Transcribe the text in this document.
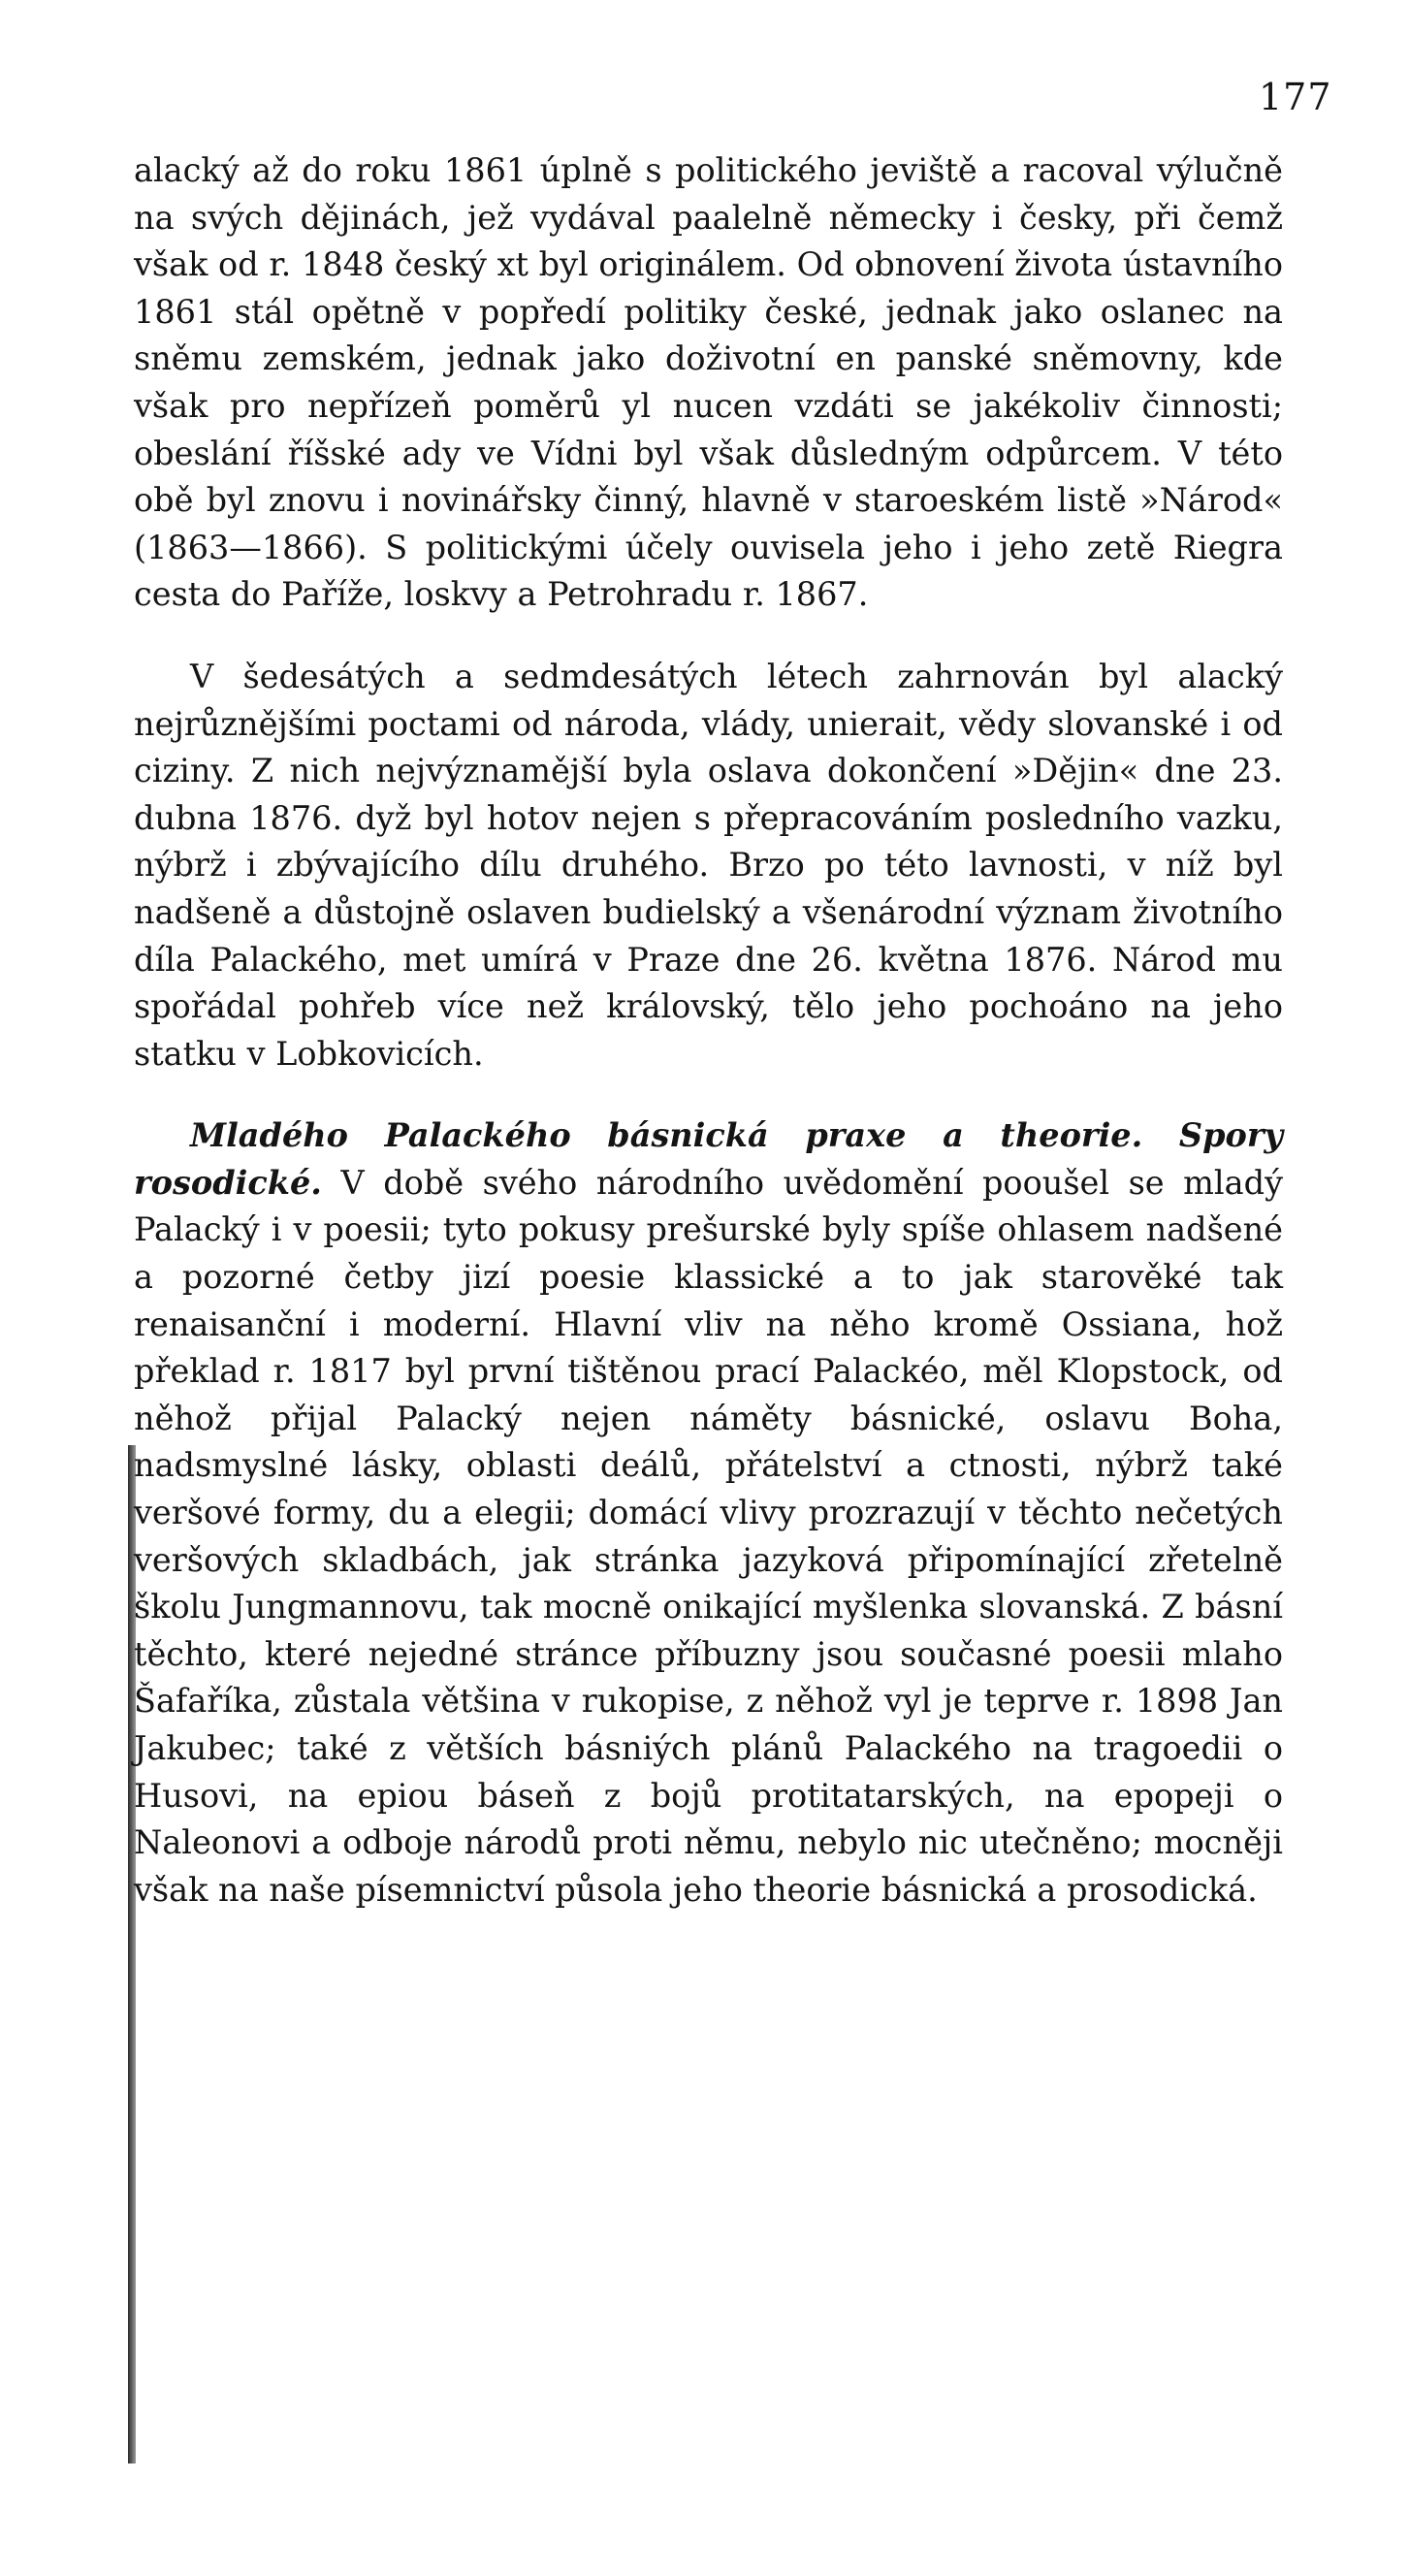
177

alacký až do roku 1861 úplně s politického jeviště a racoval výlučně na svých dějinách, jež vydával paalelně německy i česky, při čemž však od r. 1848 český xt byl originálem. Od obnovení života ústavního 1861 stál opětně v popředí politiky české, jednak jako oslanec na sněmu zemském, jednak jako doživotní en panské sněmovny, kde však pro nepřízeň poměrů yl nucen vzdáti se jakékoliv činnosti; obeslání říšské ady ve Vídni byl však důsledným odpůrcem. V této obě byl znovu i novinářsky činný, hlavně v staroeském listě »Národ« (1863—1866). S politickými účely ouvisela jeho i jeho zetě Riegra cesta do Paříže, loskvy a Petrohradu r. 1867.

V šedesátých a sedmdesátých létech zahrnován byl alacký nejrůznějšími poctami od národa, vlády, unierait, vědy slovanské i od ciziny. Z nich nejvýznamější byla oslava dokončení »Dějin« dne 23. dubna 1876. dyž byl hotov nejen s přepracováním posledního vazku, nýbrž i zbývajícího dílu druhého. Brzo po této lavnosti, v níž byl nadšeně a důstojně oslaven budielský a všenárodní význam životního díla Palackého, met umírá v Praze dne 26. května 1876. Národ mu spořádal pohřeb více než královský, tělo jeho pochoáno na jeho statku v Lobkovicích.

Mladého Palackého básnická praxe a theorie. Spory rosodické. V době svého národního uvědomění pooušel se mladý Palacký i v poesii; tyto pokusy prešurské byly spíše ohlasem nadšené a pozorné četby jizí poesie klassické a to jak starověké tak renaisanční i moderní. Hlavní vliv na něho kromě Ossiana, hož překlad r. 1817 byl první tištěnou prací Palackéo, měl Klopstock, od něhož přijal Palacký nejen náměty básnické, oslavu Boha, nadsmyslné lásky, oblasti deálů, přátelství a ctnosti, nýbrž také veršové formy, du a elegii; domácí vlivy prozrazují v těchto nečetých veršových skladbách, jak stránka jazyková připomínající zřetelně školu Jungmannovu, tak mocně onikající myšlenka slovanská. Z básní těchto, které nejedné stránce příbuzny jsou současné poesii mlaho Šafaříka, zůstala většina v rukopise, z něhož vyl je teprve r. 1898 Jan Jakubec; také z větších básniých plánů Palackého na tragoedii o Husovi, na epiou báseň z bojů protitatarských, na epopeji o Naleonovi a odboje národů proti němu, nebylo nic utečněno; mocněji však na naše písemnictví půsola jeho theorie básnická a prosodická.
